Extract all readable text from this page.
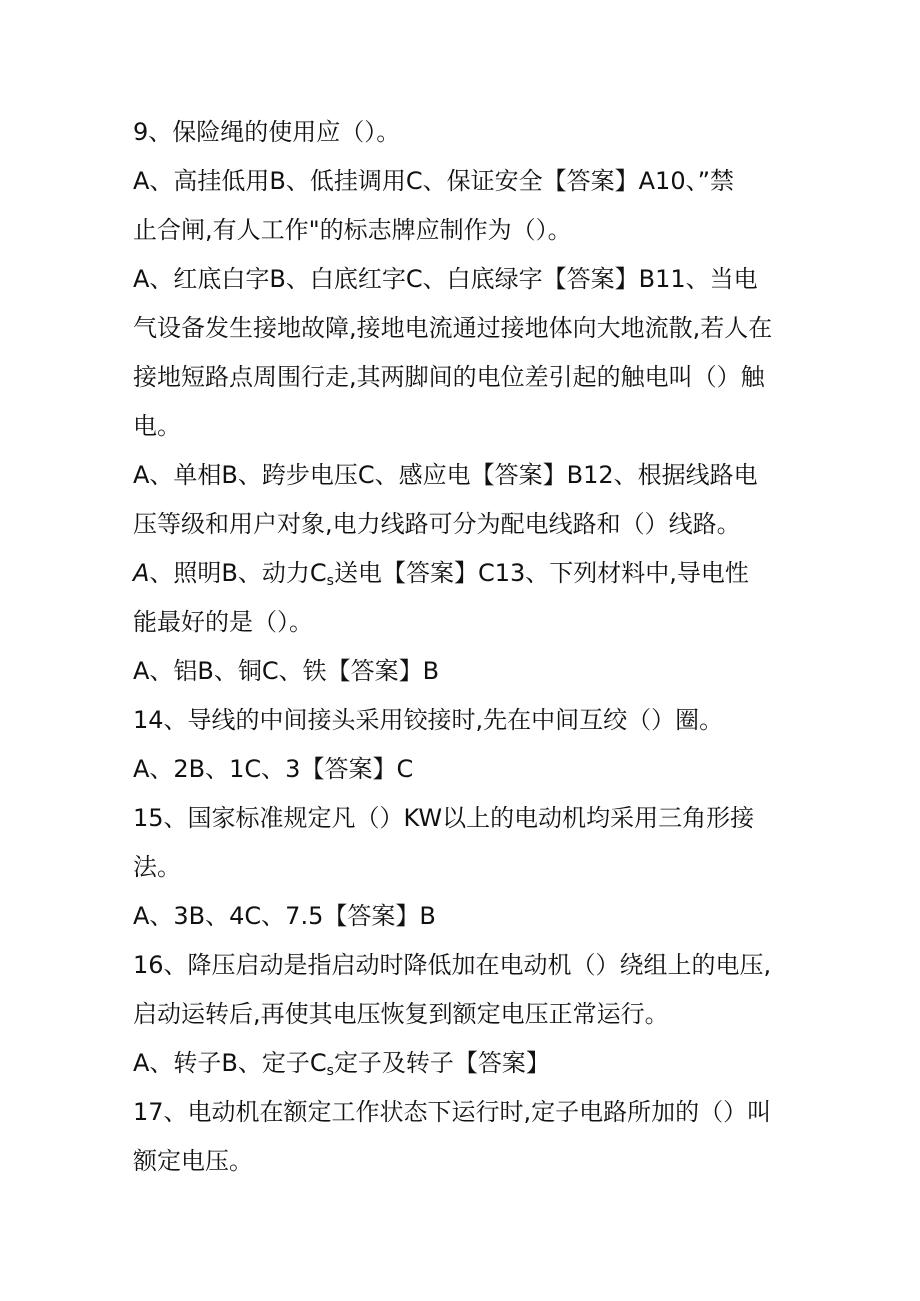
9、保险绳的使用应（）。
A、高挂低用B、低挂调用C、保证安全【答案】A10、”禁
止合闸,有人工作"的标志牌应制作为（）。
A、红底白字B、白底红字C、白底绿字【答案】B11、当电
气设备发生接地故障,接地电流通过接地体向大地流散,若人在
接地短路点周围行走,其两脚间的电位差引起的触电叫（）触
电。
A、单相B、跨步电压C、感应电【答案】B12、根据线路电
压等级和用户对象,电力线路可分为配电线路和（）线路。
A、照明B、动力$C_s$送电【答案】C13、下列材料中,导电性
能最好的是（）。
A、铝B、铜C、铁【答案】B
14、导线的中间接头采用铰接时,先在中间互绞（）圈。
A、2B、1C、3【答案】C
15、国家标准规定凡（）KW以上的电动机均采用三角形接
法。
A、3B、4C、7.5【答案】B
16、降压启动是指启动时降低加在电动机（）绕组上的电压,
启动运转后,再使其电压恢复到额定电压正常运行。
A、转子B、定子$C_s$定子及转子【答案】
17、电动机在额定工作状态下运行时,定子电路所加的（）叫
额定电压。
